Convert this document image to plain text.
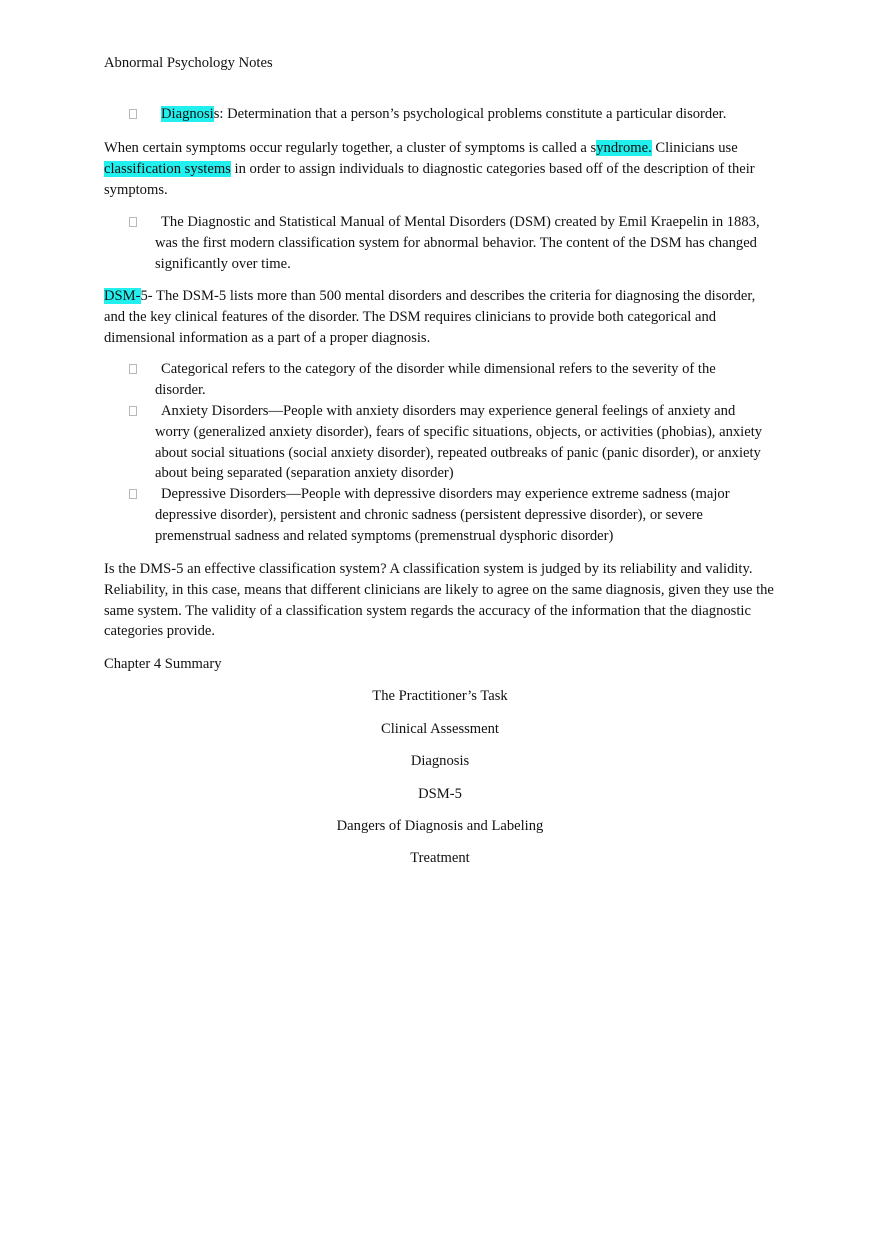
Abnormal Psychology Notes
Diagnosis: Determination that a person’s psychological problems constitute a particular disorder.

When certain symptoms occur regularly together, a cluster of symptoms is called a syndrome. Clinicians use classification systems in order to assign individuals to diagnostic categories based off of the description of their symptoms.

The Diagnostic and Statistical Manual of Mental Disorders (DSM) created by Emil Kraepelin in 1883, was the first modern classification system for abnormal behavior. The content of the DSM has changed significantly over time.

DSM-5- The DSM-5 lists more than 500 mental disorders and describes the criteria for diagnosing the disorder, and the key clinical features of the disorder. The DSM requires clinicians to provide both categorical and dimensional information as a part of a proper diagnosis.

Categorical refers to the category of the disorder while dimensional refers to the severity of the disorder.
Anxiety Disorders—People with anxiety disorders may experience general feelings of anxiety and worry (generalized anxiety disorder), fears of specific situations, objects, or activities (phobias), anxiety about social situations (social anxiety disorder), repeated outbreaks of panic (panic disorder), or anxiety about being separated (separation anxiety disorder)
Depressive Disorders—People with depressive disorders may experience extreme sadness (major depressive disorder), persistent and chronic sadness (persistent depressive disorder), or severe premenstrual sadness and related symptoms (premenstrual dysphoric disorder)

Is the DMS-5 an effective classification system? A classification system is judged by its reliability and validity. Reliability, in this case, means that different clinicians are likely to agree on the same diagnosis, given they use the same system. The validity of a classification system regards the accuracy of the information that the diagnostic categories provide.

Chapter 4 Summary
The Practitioner’s Task
Clinical Assessment
Diagnosis
DSM-5
Dangers of Diagnosis and Labeling
Treatment
